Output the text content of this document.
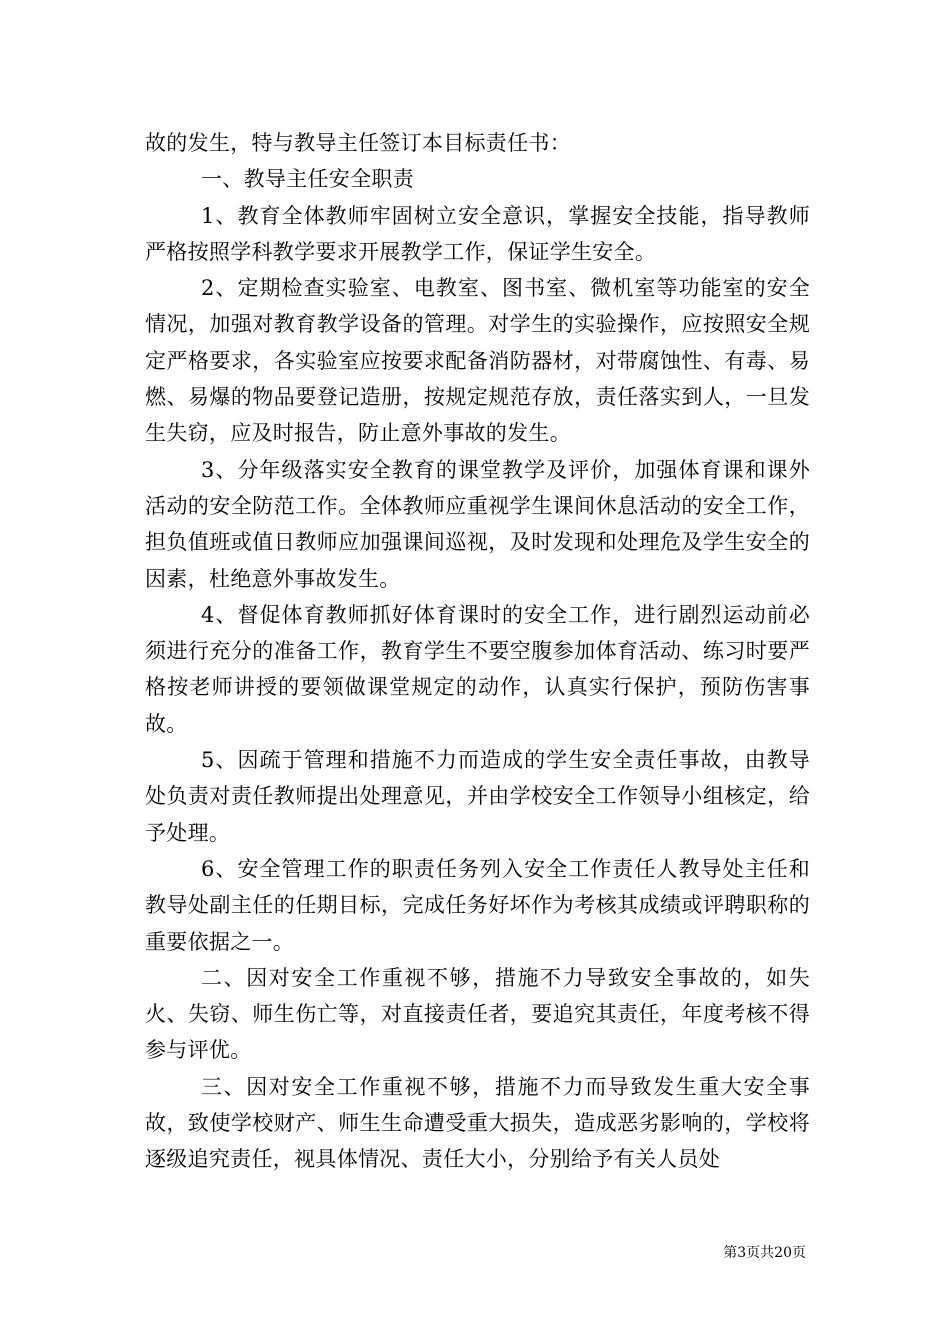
故的发生，特与教导主任签订本目标责任书：

一、教导主任安全职责

1、教育全体教师牢固树立安全意识，掌握安全技能，指导教师严格按照学科教学要求开展教学工作，保证学生安全。

2、定期检查实验室、电教室、图书室、微机室等功能室的安全情况，加强对教育教学设备的管理。对学生的实验操作，应按照安全规定严格要求，各实验室应按要求配备消防器材，对带腐蚀性、有毒、易燃、易爆的物品要登记造册，按规定规范存放，责任落实到人，一旦发生失窃，应及时报告，防止意外事故的发生。

3、分年级落实安全教育的课堂教学及评价，加强体育课和课外活动的安全防范工作。全体教师应重视学生课间休息活动的安全工作，担负值班或值日教师应加强课间巡视，及时发现和处理危及学生安全的因素，杜绝意外事故发生。

4、督促体育教师抓好体育课时的安全工作，进行剧烈运动前必须进行充分的准备工作，教育学生不要空腹参加体育活动、练习时要严格按老师讲授的要领做课堂规定的动作，认真实行保护，预防伤害事故。

5、因疏于管理和措施不力而造成的学生安全责任事故，由教导处负责对责任教师提出处理意见，并由学校安全工作领导小组核定，给予处理。

6、安全管理工作的职责任务列入安全工作责任人教导处主任和教导处副主任的任期目标，完成任务好坏作为考核其成绩或评聘职称的重要依据之一。

二、因对安全工作重视不够，措施不力导致安全事故的，如失火、失窃、师生伤亡等，对直接责任者，要追究其责任，年度考核不得参与评优。

三、因对安全工作重视不够，措施不力而导致发生重大安全事故，致使学校财产、师生生命遭受重大损失，造成恶劣影响的，学校将逐级追究责任，视具体情况、责任大小，分别给予有关人员处

第3页共20页
